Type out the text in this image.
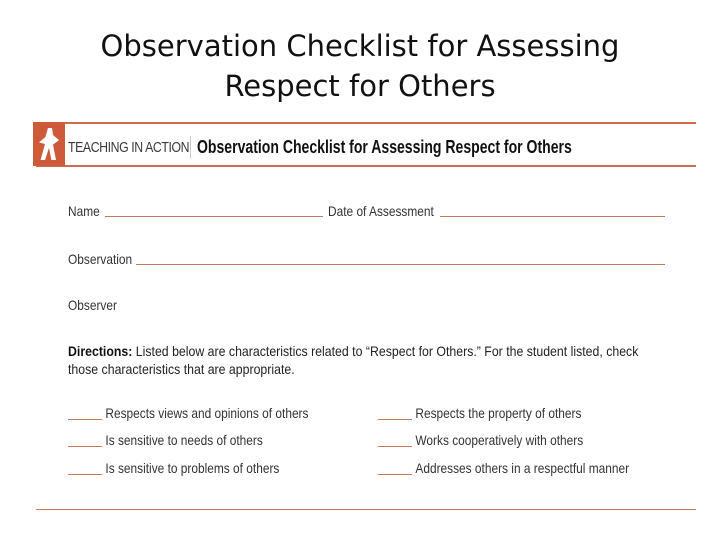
Observation Checklist for Assessing
Respect for Others
TEACHING IN ACTION Observation Checklist for Assessing Respect for Others
Name	Date of Assessment
Observation
Observer
Directions: Listed below are characteristics related to “Respect for Others.” For the student listed, check those characteristics that are appropriate.
Respects views and opinions of others	Respects the property of others
Is sensitive to needs of others	Works cooperatively with others
Is sensitive to problems of others	Addresses others in a respectful manner
